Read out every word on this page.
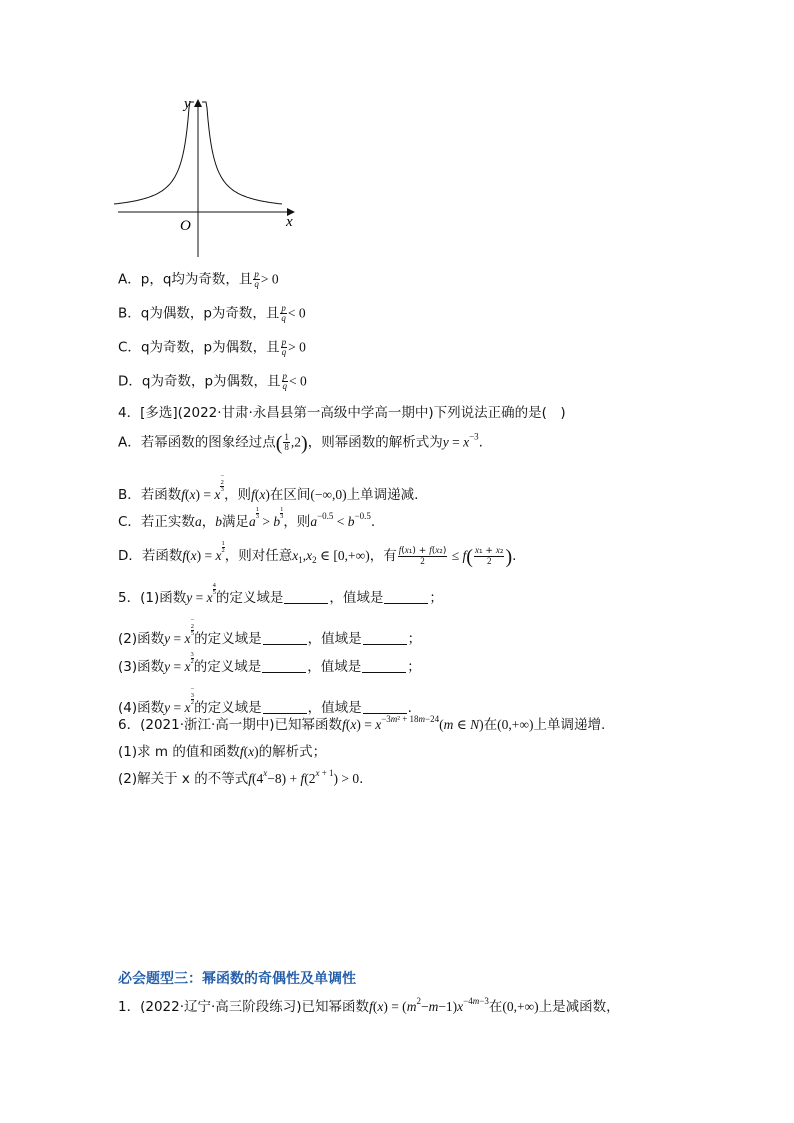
y
x
O
A．p，q均为奇数，且 $\frac{p}{q} > 0$
B．q为偶数，p为奇数，且 $\frac{p}{q} < 0$
C．q为奇数，p为偶数，且 $\frac{p}{q} > 0$
D．q为奇数，p为偶数，且 $\frac{p}{q} < 0$
4．[多选](2022·甘肃·永昌县第一高级中学高一期中)下列说法正确的是(　)
A．若幂函数的图象经过点( $\frac{1}{8} ,2$)，则幂函数的解析式为$y = x^{-3}$.
B．若函数f(x) = x−
2
3 ，则f(x)在区间(−∞,0)上单调递减.
C．若正实数a，b满足a
$\frac{1}{3}$
> b
$\frac{1}{3}$
，则$a^{-0.5} < b^{-0.5}$.
D．若函数f(x) = x
$\frac{1}{2}$
，则对任意$x_1,x_2$ ∈ [0,+∞)，有 $\frac{\text{f(x₁) + f(x₂)}}{2} \le f( \frac{\text{x₁ + x₂}}{2}$ ).
5．(1)函数y = x
$\frac{4}{5}$
的定义域是	，值域是	；
(2)函数y = x−
2
5 的定义域是	，值域是	；
(3)函数y = x
$\frac{3}{2}$
的定义域是	，值域是	；
(4)函数y = x−
3
2 的定义域是	，值域是	.
6．(2021·浙江·高一期中)已知幂函数$f(x) = x^{-3m^2 + 18m-24}(m$ ∈ N)在(0,+∞)上单调递增.
(1)求 m 的值和函数f(x)的解析式；
(2)解关于 x 的不等式$f(4^x-8) + f(2^{x + 1}) > 0$.
必会题型三：幂函数的奇偶性及单调性
1．(2022·辽宁·高三阶段练习)已知幂函数$f(x) = (m^2-m-1)x^{-4m-3}$在(0,+∞)上是减函数，
